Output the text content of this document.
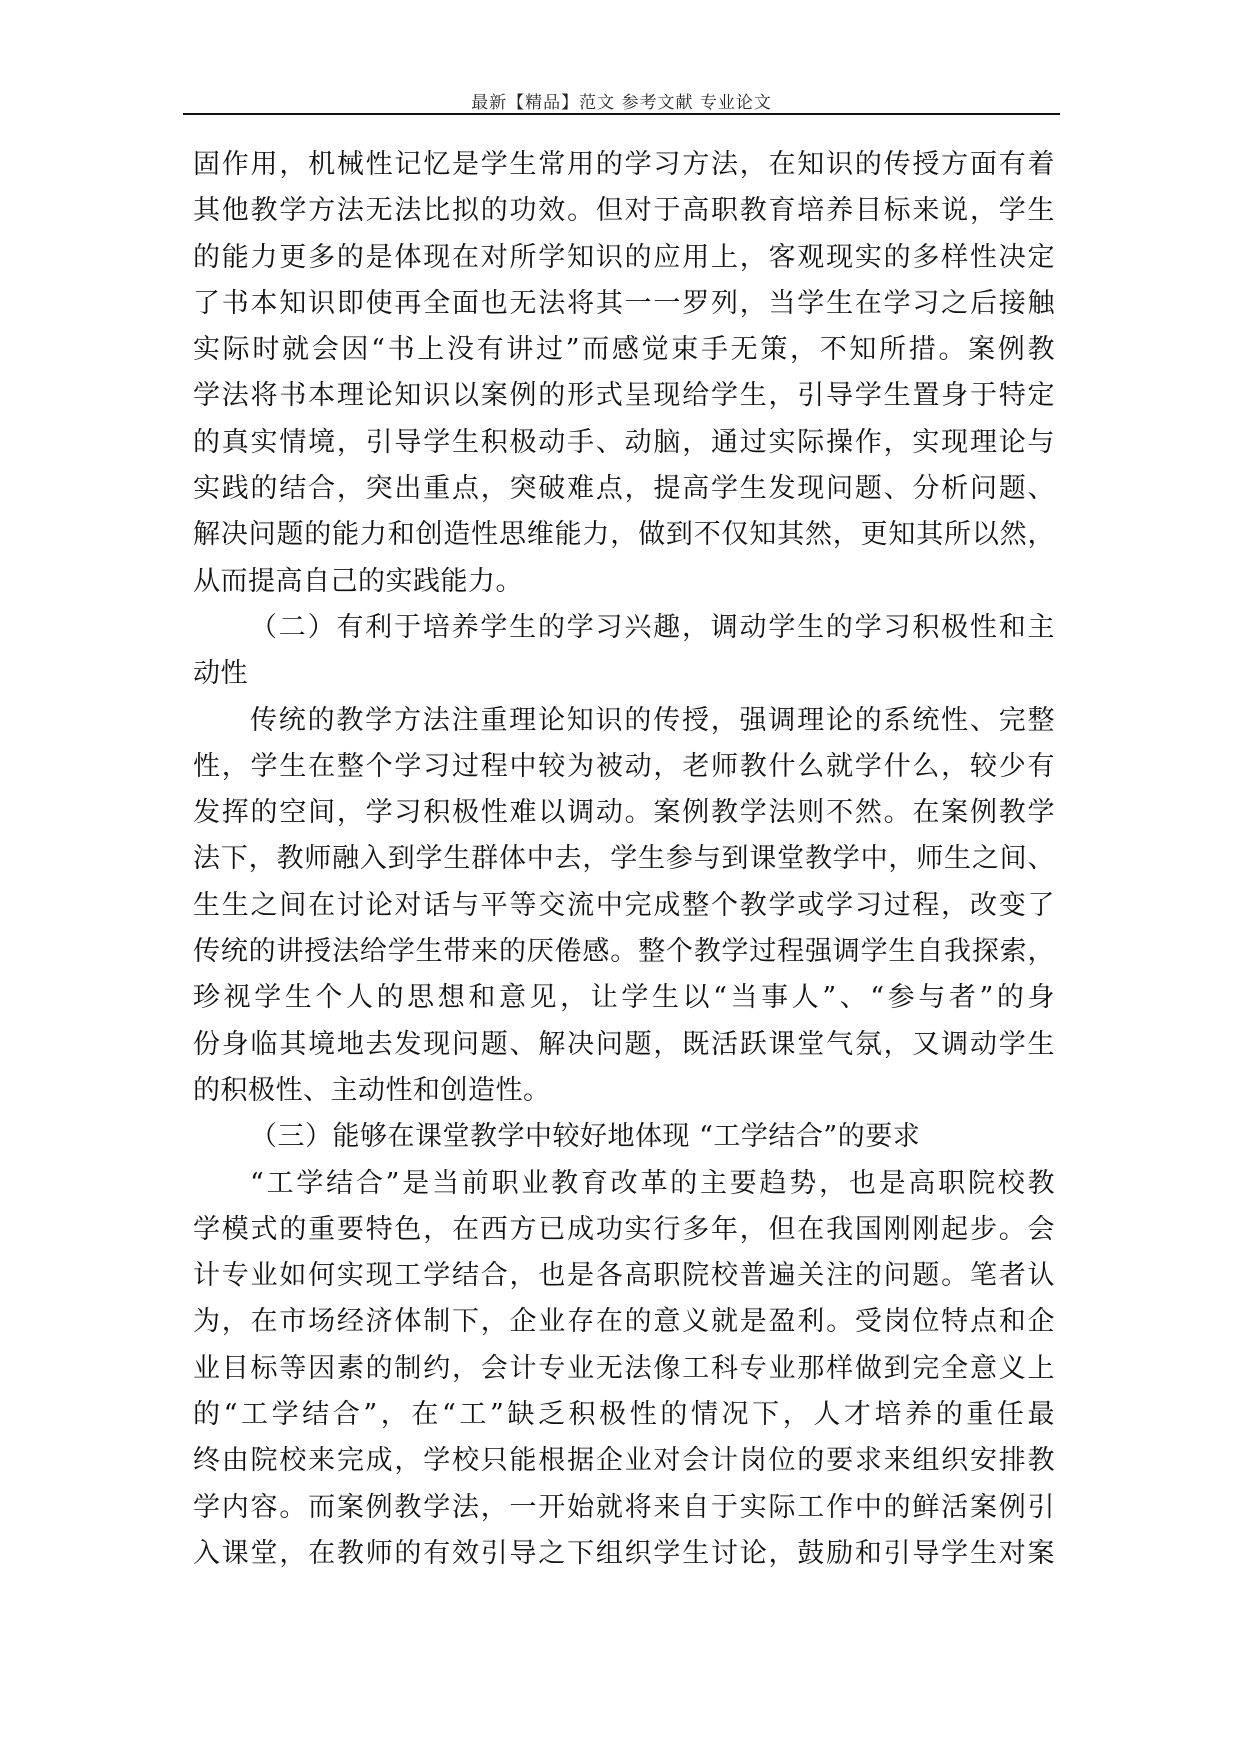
最新【精品】范文 参考文献 专业论文
固作用，机械性记忆是学生常用的学习方法，在知识的传授方面有着
其他教学方法无法比拟的功效。但对于高职教育培养目标来说，学生
的能力更多的是体现在对所学知识的应用上，客观现实的多样性决定
了书本知识即使再全面也无法将其一一罗列，当学生在学习之后接触
实际时就会因“书上没有讲过”而感觉束手无策，不知所措。案例教
学法将书本理论知识以案例的形式呈现给学生，引导学生置身于特定
的真实情境，引导学生积极动手、动脑，通过实际操作，实现理论与
实践的结合，突出重点，突破难点，提高学生发现问题、分析问题、
解决问题的能力和创造性思维能力，做到不仅知其然，更知其所以然，
从而提高自己的实践能力。
（二）有利于培养学生的学习兴趣，调动学生的学习积极性和主
动性
传统的教学方法注重理论知识的传授，强调理论的系统性、完整
性，学生在整个学习过程中较为被动，老师教什么就学什么，较少有
发挥的空间，学习积极性难以调动。案例教学法则不然。在案例教学
法下，教师融入到学生群体中去，学生参与到课堂教学中，师生之间、
生生之间在讨论对话与平等交流中完成整个教学或学习过程，改变了
传统的讲授法给学生带来的厌倦感。整个教学过程强调学生自我探索，
珍视学生个人的思想和意见，让学生以“当事人”、“参与者”的身
份身临其境地去发现问题、解决问题，既活跃课堂气氛，又调动学生
的积极性、主动性和创造性。
（三）能够在课堂教学中较好地体现 “工学结合”的要求
“工学结合”是当前职业教育改革的主要趋势，也是高职院校教
学模式的重要特色，在西方已成功实行多年，但在我国刚刚起步。会
计专业如何实现工学结合，也是各高职院校普遍关注的问题。笔者认
为，在市场经济体制下，企业存在的意义就是盈利。受岗位特点和企
业目标等因素的制约，会计专业无法像工科专业那样做到完全意义上
的“工学结合”，在“工”缺乏积极性的情况下，人才培养的重任最
终由院校来完成，学校只能根据企业对会计岗位的要求来组织安排教
学内容。而案例教学法，一开始就将来自于实际工作中的鲜活案例引
入课堂，在教师的有效引导之下组织学生讨论，鼓励和引导学生对案
